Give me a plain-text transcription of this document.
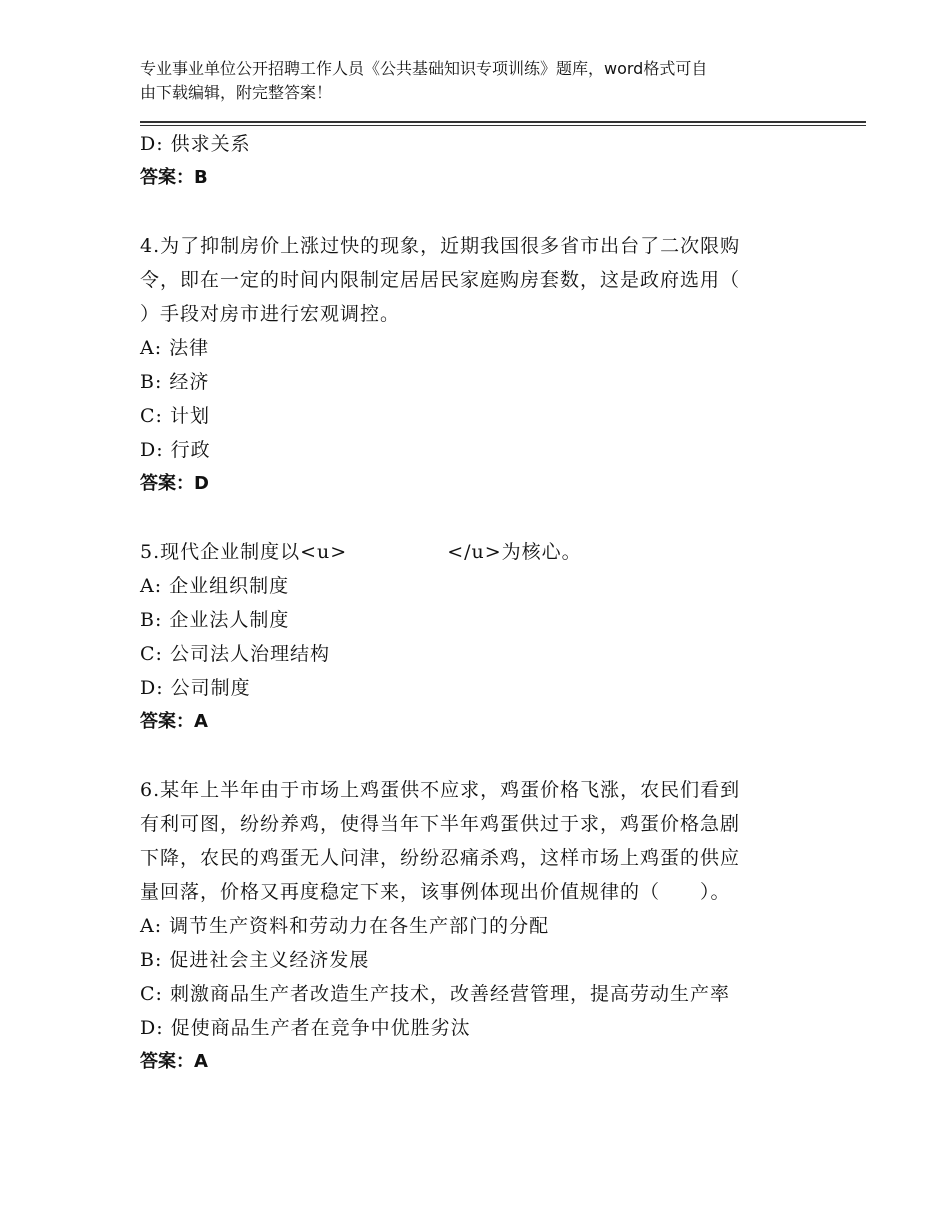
专业事业单位公开招聘工作人员《公共基础知识专项训练》题库，word格式可自
由下载编辑，附完整答案！
D: 供求关系
答案：B
4.为了抑制房价上涨过快的现象，近期我国很多省市出台了二次限购
令，即在一定的时间内限制定居居民家庭购房套数，这是政府选用（
）手段对房市进行宏观调控。
A: 法律
B: 经济
C: 计划
D: 行政
答案：D
5.现代企业制度以<u>　　　　　</u>为核心。
A: 企业组织制度
B: 企业法人制度
C: 公司法人治理结构
D: 公司制度
答案：A
6.某年上半年由于市场上鸡蛋供不应求，鸡蛋价格飞涨，农民们看到
有利可图，纷纷养鸡，使得当年下半年鸡蛋供过于求，鸡蛋价格急剧
下降，农民的鸡蛋无人问津，纷纷忍痛杀鸡，这样市场上鸡蛋的供应
量回落，价格又再度稳定下来，该事例体现出价值规律的（　　）。
A: 调节生产资料和劳动力在各生产部门的分配
B: 促进社会主义经济发展
C: 刺激商品生产者改造生产技术，改善经营管理，提高劳动生产率
D: 促使商品生产者在竞争中优胜劣汰
答案：A
